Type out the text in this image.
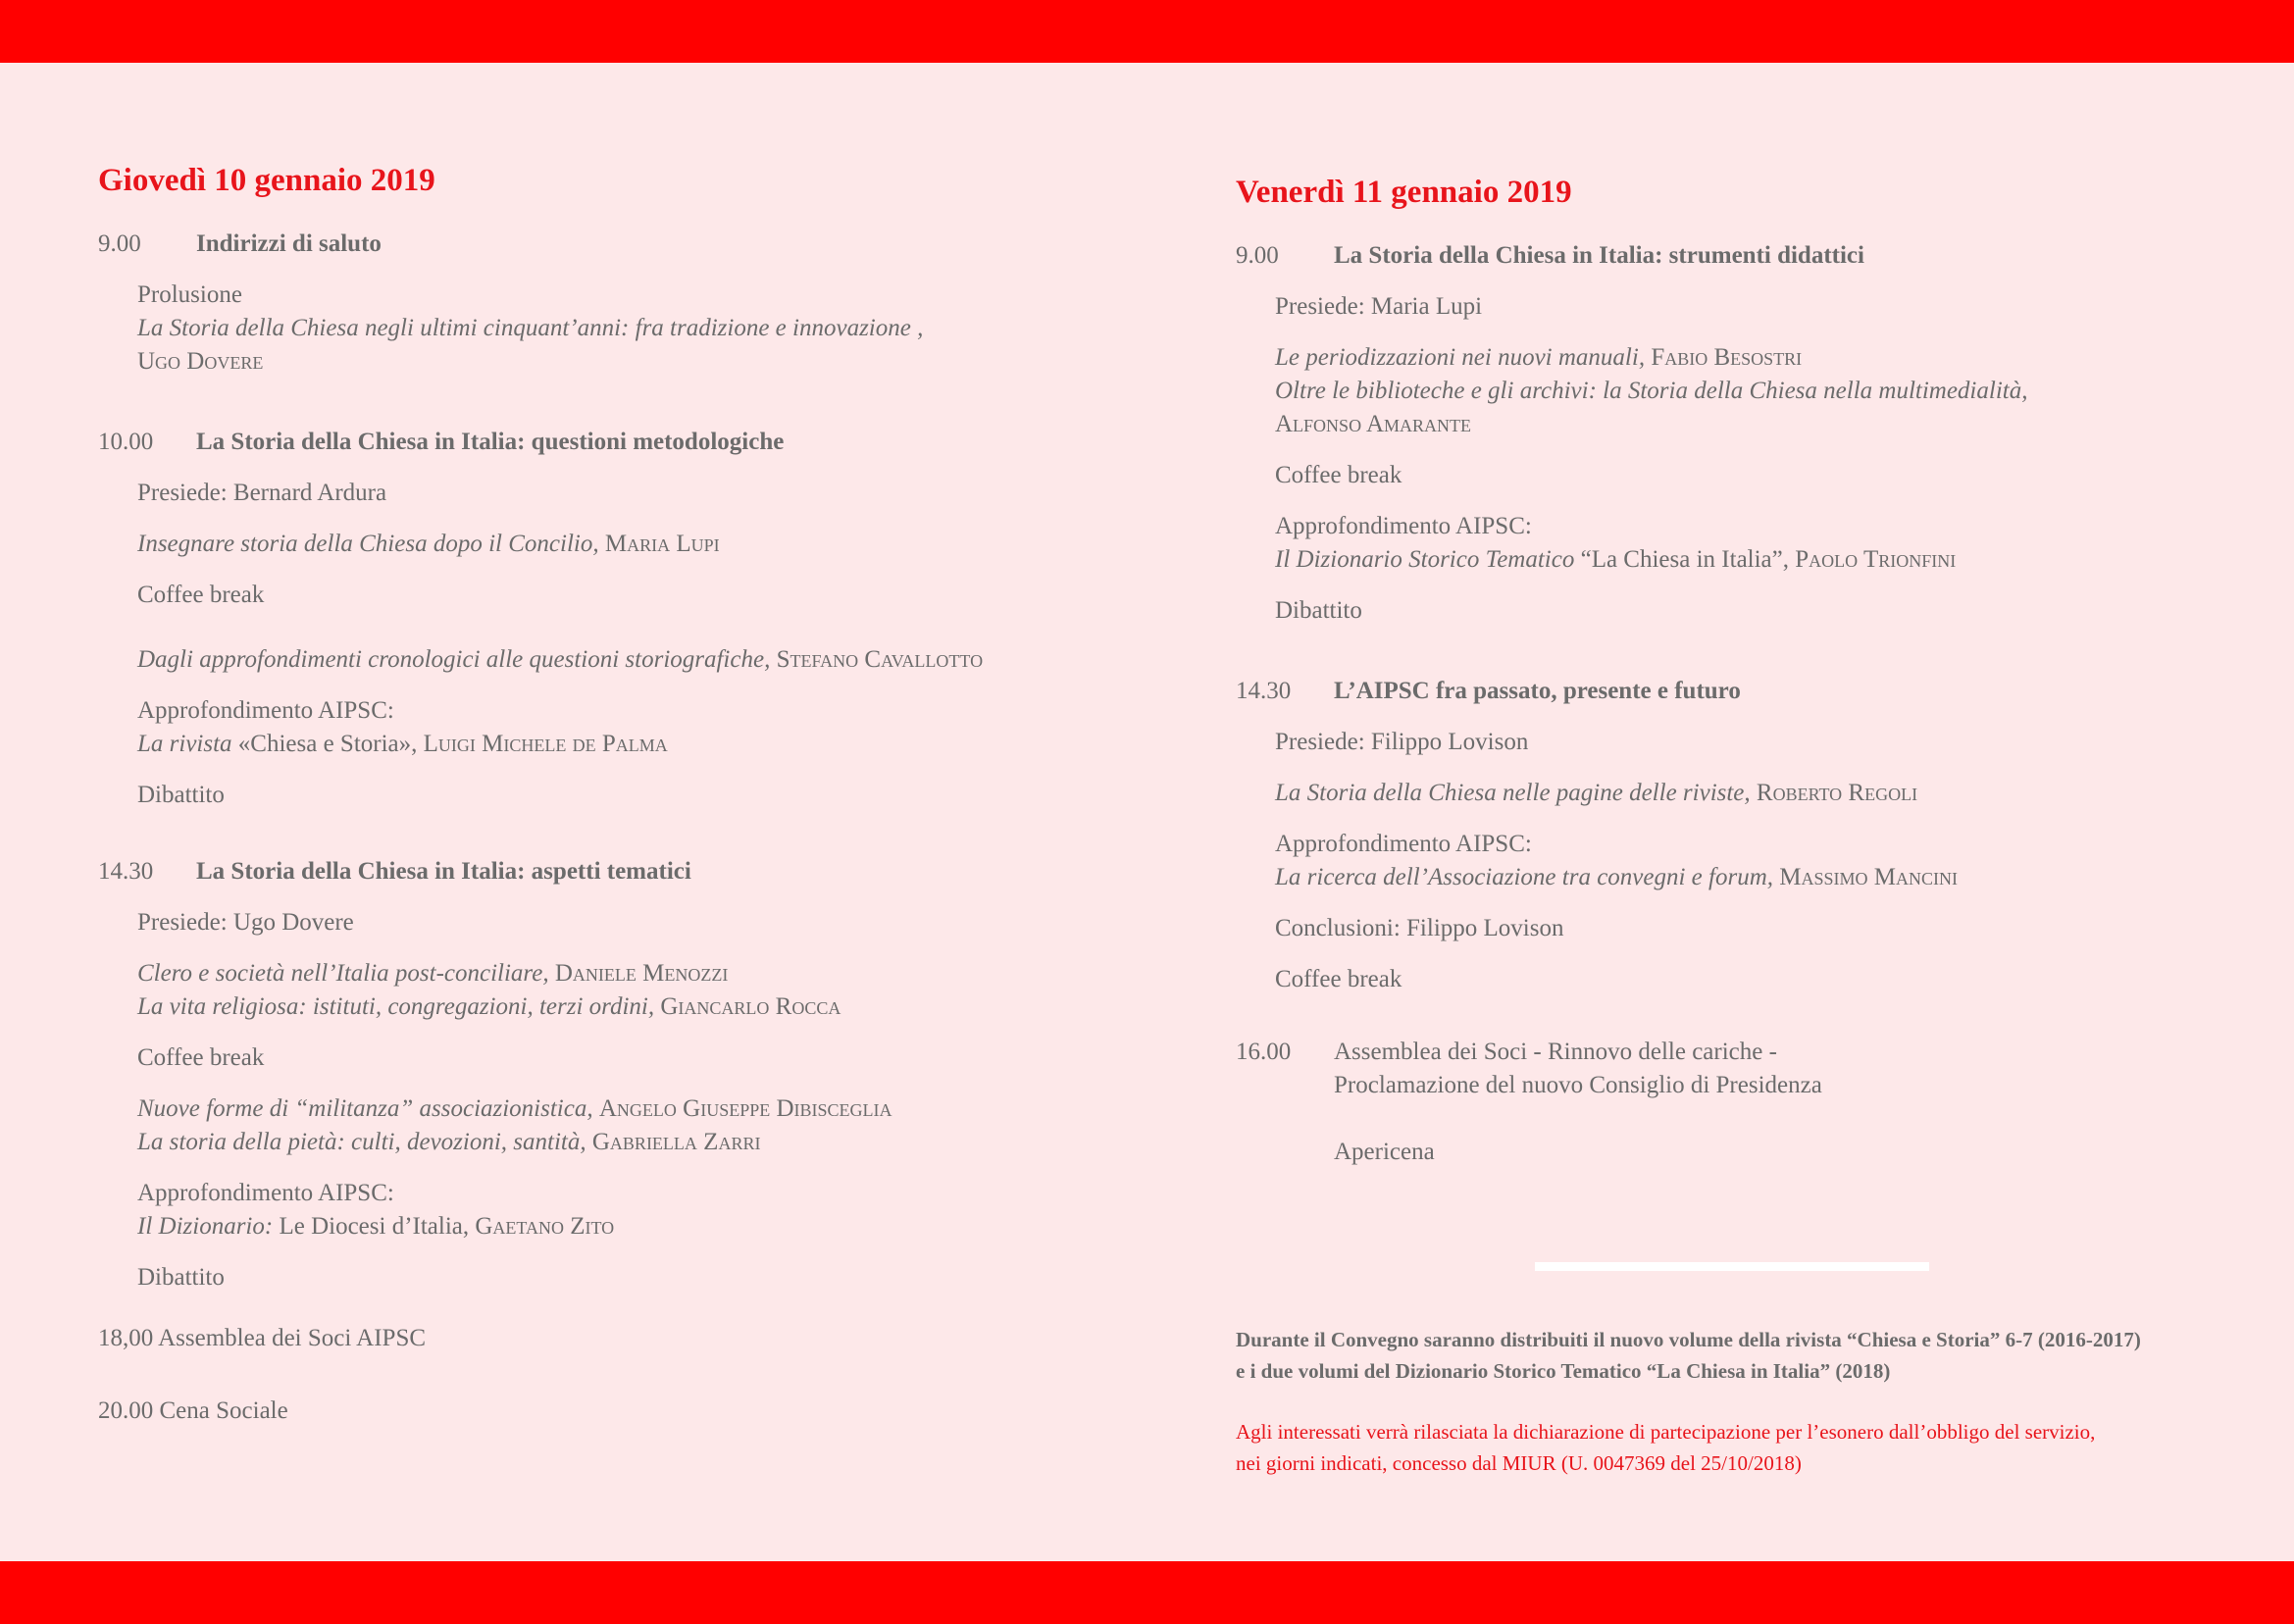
Giovedì 10 gennaio 2019
9.00	Indirizzi di saluto
Prolusione
La Storia della Chiesa negli ultimi cinquant’anni: fra tradizione e innovazione ,
Ugo Dovere
10.00	La Storia della Chiesa in Italia: questioni metodologiche
Presiede: Bernard Ardura
Insegnare storia della Chiesa dopo il Concilio, Maria Lupi
Coffee break
Dagli approfondimenti cronologici alle questioni storiografiche, Stefano Cavallotto
Approfondimento AIPSC:
La rivista «Chiesa e Storia», Luigi Michele de Palma
Dibattito
14.30	La Storia della Chiesa in Italia: aspetti tematici
Presiede: Ugo Dovere
Clero e società nell’Italia post-conciliare, Daniele Menozzi
La vita religiosa: istituti, congregazioni, terzi ordini, Giancarlo Rocca
Coffee break
Nuove forme di “militanza” associazionistica, Angelo Giuseppe Dibisceglia
La storia della pietà: culti, devozioni, santità, Gabriella Zarri
Approfondimento AIPSC:
Il Dizionario: Le Diocesi d’Italia, Gaetano Zito
Dibattito
18,00 Assemblea dei Soci AIPSC
20.00 Cena Sociale
Venerdì 11 gennaio 2019
9.00	La Storia della Chiesa in Italia: strumenti didattici
Presiede: Maria Lupi
Le periodizzazioni nei nuovi manuali, Fabio Besostri
Oltre le biblioteche e gli archivi: la Storia della Chiesa nella multimedialità,
Alfonso Amarante
Coffee break
Approfondimento AIPSC:
Il Dizionario Storico Tematico “La Chiesa in Italia”, Paolo Trionfini
Dibattito
14.30	L’AIPSC fra passato, presente e futuro
Presiede: Filippo Lovison
La Storia della Chiesa nelle pagine delle riviste, Roberto Regoli
Approfondimento AIPSC:
La ricerca dell’Associazione tra convegni e forum, Massimo Mancini
Conclusioni: Filippo Lovison
Coffee break
16.00	Assemblea dei Soci - Rinnovo delle cariche -
Proclamazione del nuovo Consiglio di Presidenza
Apericena
Durante il Convegno saranno distribuiti il nuovo volume della rivista “Chiesa e Storia” 6-7 (2016-2017)
e i due volumi del Dizionario Storico Tematico “La Chiesa in Italia” (2018)
Agli interessati verrà rilasciata la dichiarazione di partecipazione per l’esonero dall’obbligo del servizio,
nei giorni indicati, concesso dal MIUR (U. 0047369 del 25/10/2018)
